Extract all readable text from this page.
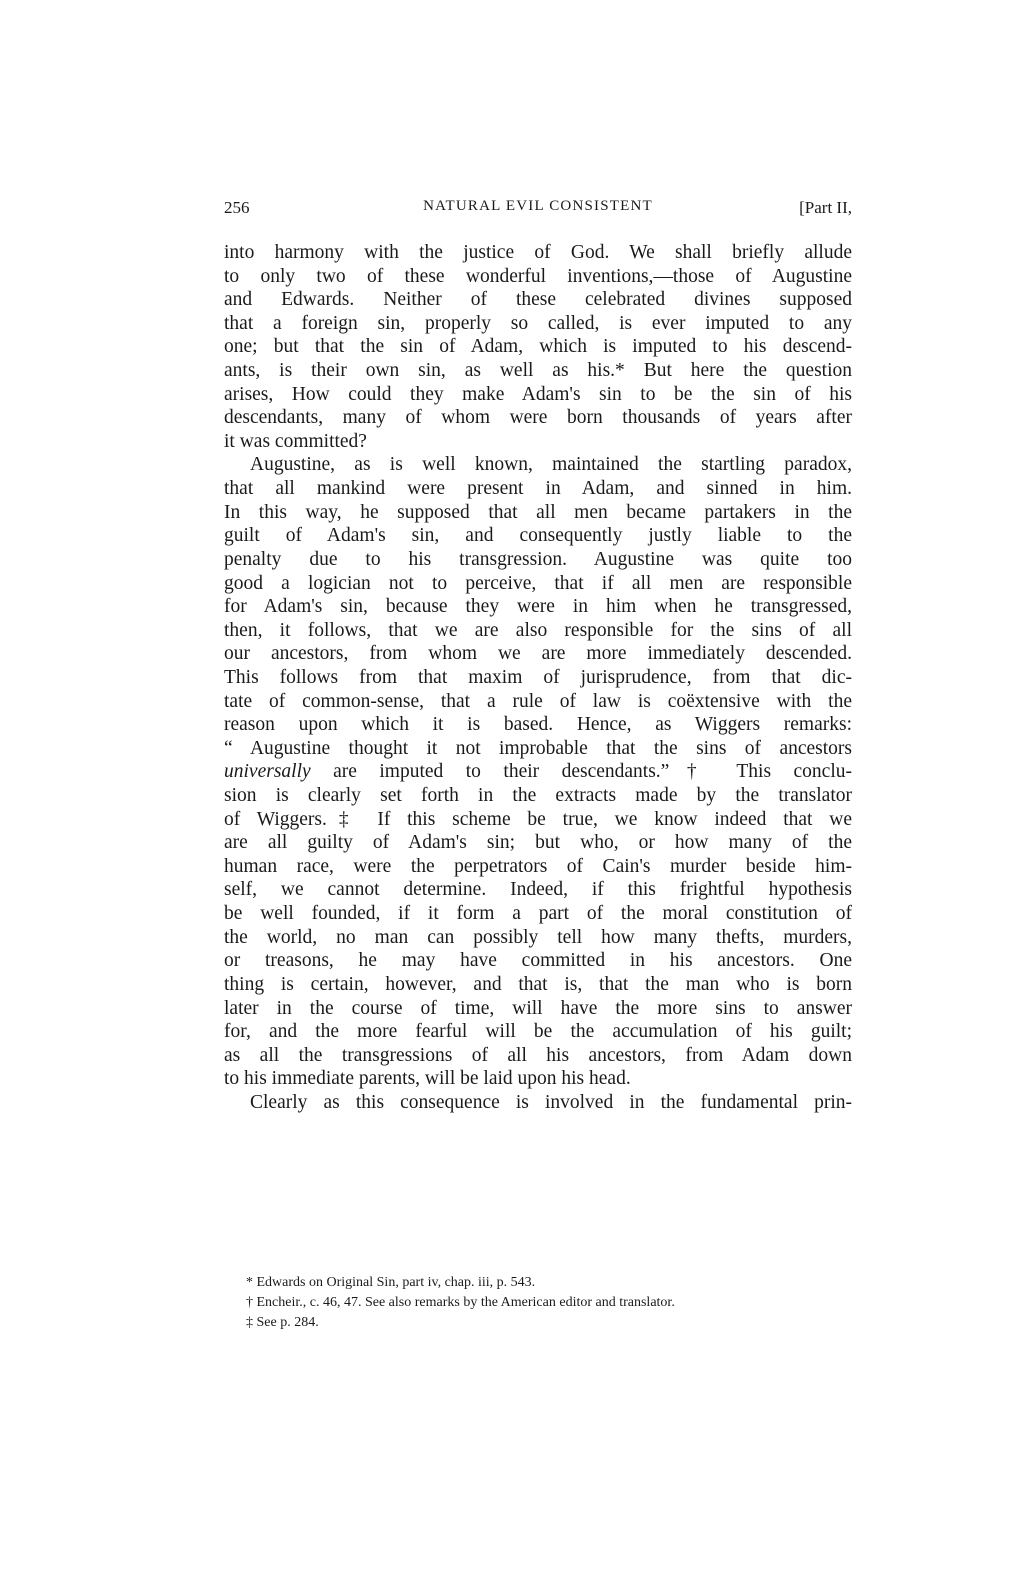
256	NATURAL EVIL CONSISTENT	[Part II,
into harmony with the justice of God. We shall briefly allude
to only two of these wonderful inventions,—those of Augustine
and Edwards. Neither of these celebrated divines supposed
that a foreign sin, properly so called, is ever imputed to any
one; but that the sin of Adam, which is imputed to his descend-
ants, is their own sin, as well as his.* But here the question
arises, How could they make Adam's sin to be the sin of his
descendants, many of whom were born thousands of years after
it was committed?
Augustine, as is well known, maintained the startling paradox,
that all mankind were present in Adam, and sinned in him.
In this way, he supposed that all men became partakers in the
guilt of Adam's sin, and consequently justly liable to the
penalty due to his transgression. Augustine was quite too
good a logician not to perceive, that if all men are responsible
for Adam's sin, because they were in him when he transgressed,
then, it follows, that we are also responsible for the sins of all
our ancestors, from whom we are more immediately descended.
This follows from that maxim of jurisprudence, from that dic-
tate of common-sense, that a rule of law is coëxtensive with the
reason upon which it is based. Hence, as Wiggers remarks:
“ Augustine thought it not improbable that the sins of ancestors
universally are imputed to their descendants.”† This conclu-
sion is clearly set forth in the extracts made by the translator
of Wiggers.‡ If this scheme be true, we know indeed that we
are all guilty of Adam's sin; but who, or how many of the
human race, were the perpetrators of Cain's murder beside him-
self, we cannot determine. Indeed, if this frightful hypothesis
be well founded, if it form a part of the moral constitution of
the world, no man can possibly tell how many thefts, murders,
or treasons, he may have committed in his ancestors. One
thing is certain, however, and that is, that the man who is born
later in the course of time, will have the more sins to answer
for, and the more fearful will be the accumulation of his guilt;
as all the transgressions of all his ancestors, from Adam down
to his immediate parents, will be laid upon his head.
Clearly as this consequence is involved in the fundamental prin-
* Edwards on Original Sin, part iv, chap. iii, p. 543.
† Encheir., c. 46, 47. See also remarks by the American editor and translator.
‡ See p. 284.
